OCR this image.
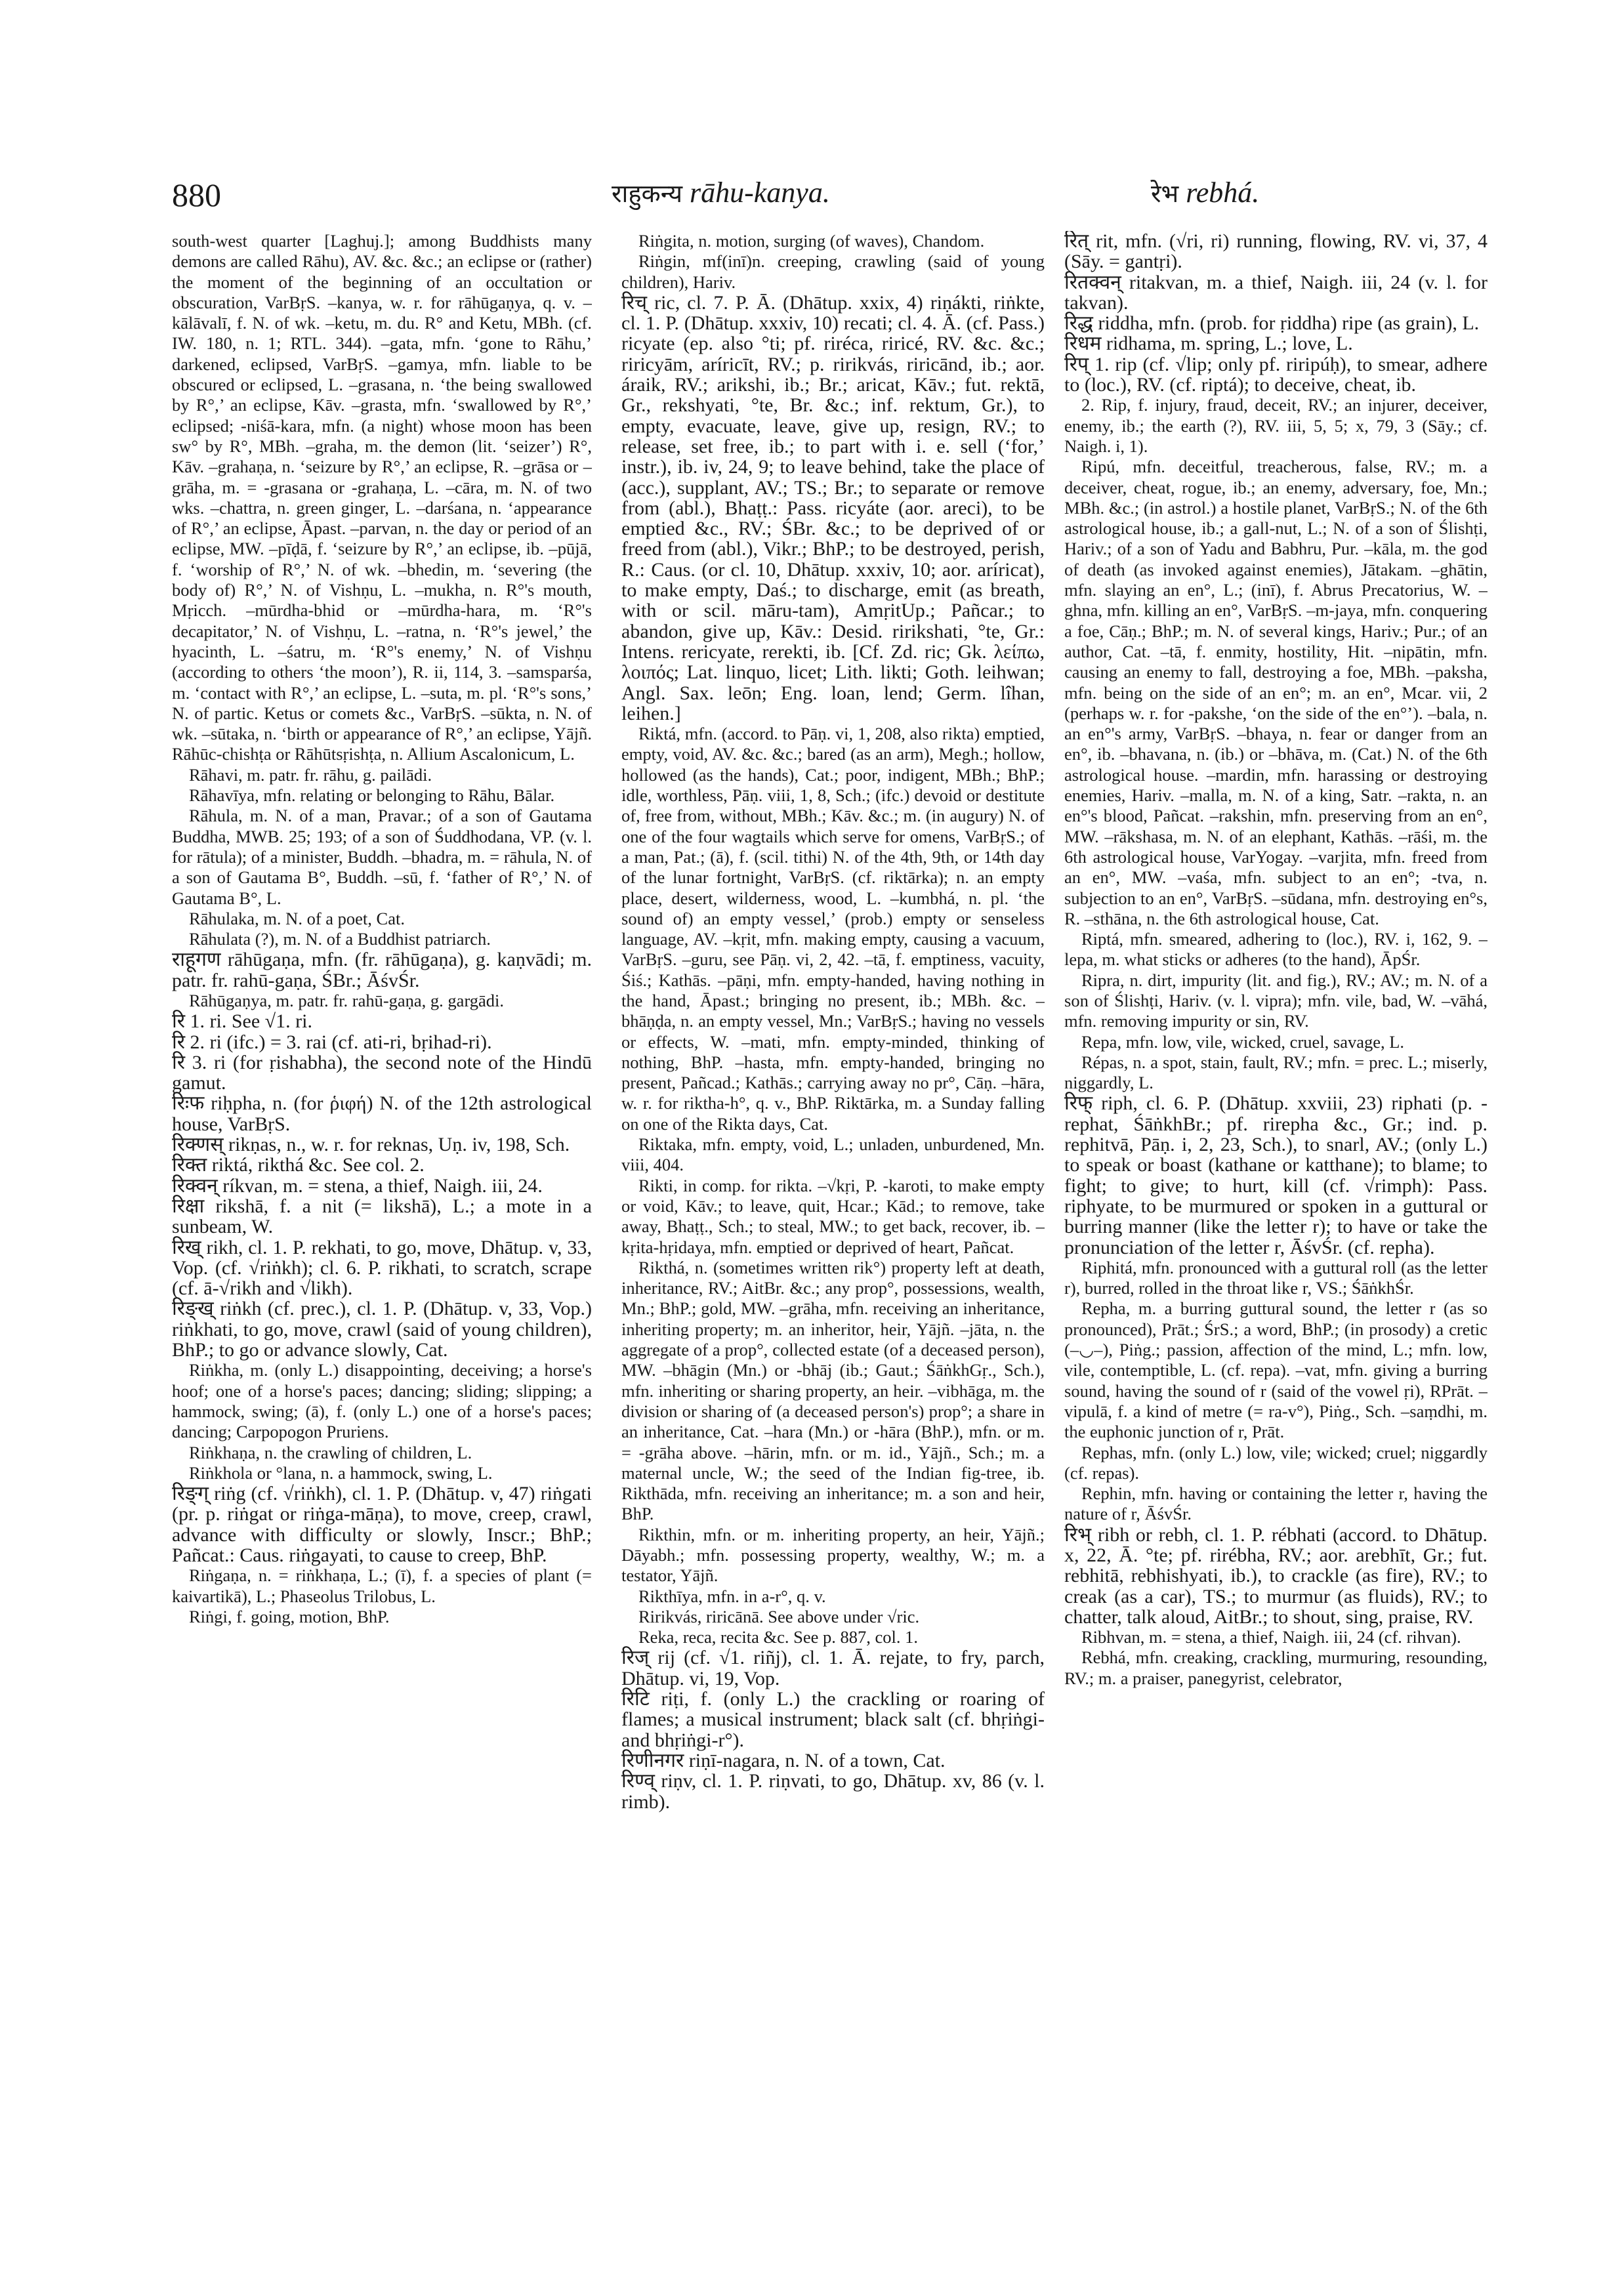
880	राहुकन्य rāhu-kanya.	रेभ rebhá.

south-west quarter [Laghuj.]; among Buddhists many demons are called Rāhu), AV. &c. &c.; an eclipse or (rather) the moment of the beginning of an occultation or obscuration, VarBṛS. –kanya, w. r. for rāhūgaṇya, q. v. –kālāvalī, f. N. of wk. –ketu, m. du. R° and Ketu, MBh. (cf. IW. 180, n. 1; RTL. 344). –gata, mfn. ‘gone to Rāhu,’ darkened, eclipsed, VarBṛS. –gamya, mfn. liable to be obscured or eclipsed, L. –grasana, n. ‘the being swallowed by R°,’ an eclipse, Kāv. –grasta, mfn. ‘swallowed by R°,’ eclipsed; -niśā-kara, mfn. (a night) whose moon has been sw° by R°, MBh. –graha, m. the demon (lit. ‘seizer’) R°, Kāv. –grahaṇa, n. ‘seizure by R°,’ an eclipse, R. –grāsa or –grāha, m. = -grasana or -grahaṇa, L. –cāra, m. N. of two wks. –chattra, n. green ginger, L. –darśana, n. ‘appearance of R°,’ an eclipse, Āpast. –parvan, n. the day or period of an eclipse, MW. –pīḍā, f. ‘seizure by R°,’ an eclipse, ib. –pūjā, f. ‘worship of R°,’ N. of wk. –bhedin, m. ‘severing (the body of) R°,’ N. of Vishṇu, L. –mukha, n. R°'s mouth, Mṛicch. –mūrdha-bhid or –mūrdha-hara, m. ‘R°'s decapitator,’ N. of Vishṇu, L. –ratna, n. ‘R°'s jewel,’ the hyacinth, L. –śatru, m. ‘R°'s enemy,’ N. of Vishṇu (according to others ‘the moon’), R. ii, 114, 3. –samsparśa, m. ‘contact with R°,’ an eclipse, L. –suta, m. pl. ‘R°'s sons,’ N. of partic. Ketus or comets &c., VarBṛS. –sūkta, n. N. of wk. –sūtaka, n. ‘birth or appearance of R°,’ an eclipse, Yājñ. Rāhūc-chishṭa or Rāhūtsṛishṭa, n. Allium Ascalonicum, L.

Rāhavi, m. patr. fr. rāhu, g. pailādi.

Rāhavīya, mfn. relating or belonging to Rāhu, Bālar.

Rāhula, m. N. of a man, Pravar.; of a son of Gautama Buddha, MWB. 25; 193; of a son of Śuddhodana, VP. (v. l. for rātula); of a minister, Buddh. –bhadra, m. = rāhula, N. of a son of Gautama B°, Buddh. –sū, f. ‘father of R°,’ N. of Gautama B°, L.

Rāhulaka, m. N. of a poet, Cat.

Rāhulata (?), m. N. of a Buddhist patriarch.

राहूगण rāhūgaṇa, mfn. (fr. rāhūgaṇa), g. kaṇvādi; m. patr. fr. rahū-gaṇa, ŚBr.; ĀśvŚr.

Rāhūgaṇya, m. patr. fr. rahū-gaṇa, g. gargādi.

रि 1. ri. See √1. ri.

रि 2. ri (ifc.) = 3. rai (cf. ati-ri, bṛihad-ri).

रि 3. ri (for ṛishabha), the second note of the Hindū gamut.

रिःफ riḥpha, n. (for ῥιφή) N. of the 12th astrological house, VarBṛS.

रिक्णस् rikṇas, n., w. r. for reknas, Uṇ. iv, 198, Sch.

रिक्त riktá, rikthá &c. See col. 2.

रिक्वन् ríkvan, m. = stena, a thief, Naigh. iii, 24.

रिक्षा rikshā, f. a nit (= likshā), L.; a mote in a sunbeam, W.

रिख् rikh, cl. 1. P. rekhati, to go, move, Dhātup. v, 33, Vop. (cf. √riṅkh); cl. 6. P. rikhati, to scratch, scrape (cf. ā-√rikh and √likh).

रिङ्ख् riṅkh (cf. prec.), cl. 1. P. (Dhātup. v, 33, Vop.) riṅkhati, to go, move, crawl (said of young children), BhP.; to go or advance slowly, Cat.

Riṅkha, m. (only L.) disappointing, deceiving; a horse's hoof; one of a horse's paces; dancing; sliding; slipping; a hammock, swing; (ā), f. (only L.) one of a horse's paces; dancing; Carpopogon Pruriens.

Riṅkhaṇa, n. the crawling of children, L.

Riṅkhola or °lana, n. a hammock, swing, L.

रिङ्ग् riṅg (cf. √riṅkh), cl. 1. P. (Dhātup. v, 47) riṅgati (pr. p. riṅgat or riṅga-māṇa), to move, creep, crawl, advance with difficulty or slowly, Inscr.; BhP.; Pañcat.: Caus. riṅgayati, to cause to creep, BhP.

Riṅgaṇa, n. = riṅkhaṇa, L.; (ī), f. a species of plant (= kaivartikā), L.; Phaseolus Trilobus, L.

Riṅgi, f. going, motion, BhP.

Riṅgita, n. motion, surging (of waves), Chandom.

Riṅgin, mf(inī)n. creeping, crawling (said of young children), Hariv.

रिच् ric, cl. 7. P. Ā. (Dhātup. xxix, 4) riṇákti, riṅkte, cl. 1. P. (Dhātup. xxxiv, 10) recati; cl. 4. Ā. (cf. Pass.) ricyate (ep. also °ti; pf. riréca, riricé, RV. &c. &c.; riricyām, aríricīt, RV.; p. ririkvás, riricānd, ib.; aor. áraik, RV.; arikshi, ib.; Br.; aricat, Kāv.; fut. rektā, Gr., rekshyati, °te, Br. &c.; inf. rektum, Gr.), to empty, evacuate, leave, give up, resign, RV.; to release, set free, ib.; to part with i. e. sell (‘for,’ instr.), ib. iv, 24, 9; to leave behind, take the place of (acc.), supplant, AV.; TS.; Br.; to separate or remove from (abl.), Bhaṭṭ.: Pass. ricyáte (aor. areci), to be emptied &c., RV.; ŚBr. &c.; to be deprived of or freed from (abl.), Vikr.; BhP.; to be destroyed, perish, R.: Caus. (or cl. 10, Dhātup. xxxiv, 10; aor. aríricat), to make empty, Daś.; to discharge, emit (as breath, with or scil. māru-tam), AmṛitUp.; Pañcar.; to abandon, give up, Kāv.: Desid. ririkshati, °te, Gr.: Intens. rericyate, rerekti, ib. [Cf. Zd. ric; Gk. λείπω, λοιπός; Lat. linquo, licet; Lith. likti; Goth. leihwan; Angl. Sax. leōn; Eng. loan, lend; Germ. lîhan, leihen.]

Riktá, mfn. (accord. to Pāṇ. vi, 1, 208, also rikta) emptied, empty, void, AV. &c. &c.; bared (as an arm), Megh.; hollow, hollowed (as the hands), Cat.; poor, indigent, MBh.; BhP.; idle, worthless, Pāṇ. viii, 1, 8, Sch.; (ifc.) devoid or destitute of, free from, without, MBh.; Kāv. &c.; m. (in augury) N. of one of the four wagtails which serve for omens, VarBṛS.; of a man, Pat.; (ā), f. (scil. tithi) N. of the 4th, 9th, or 14th day of the lunar fortnight, VarBṛS. (cf. riktārka); n. an empty place, desert, wilderness, wood, L. –kumbhá, n. pl. ‘the sound of) an empty vessel,’ (prob.) empty or senseless language, AV. –kṛit, mfn. making empty, causing a vacuum, VarBṛS. –guru, see Pāṇ. vi, 2, 42. –tā, f. emptiness, vacuity, Śiś.; Kathās. –pāṇi, mfn. empty-handed, having nothing in the hand, Āpast.; bringing no present, ib.; MBh. &c. –bhāṇḍa, n. an empty vessel, Mn.; VarBṛS.; having no vessels or effects, W. –mati, mfn. empty-minded, thinking of nothing, BhP. –hasta, mfn. empty-handed, bringing no present, Pañcad.; Kathās.; carrying away no pr°, Cāṇ. –hāra, w. r. for riktha-h°, q. v., BhP. Riktārka, m. a Sunday falling on one of the Rikta days, Cat.

Riktaka, mfn. empty, void, L.; unladen, unburdened, Mn. viii, 404.

Rikti, in comp. for rikta. –√kṛi, P. -karoti, to make empty or void, Kāv.; to leave, quit, Hcar.; Kād.; to remove, take away, Bhaṭṭ., Sch.; to steal, MW.; to get back, recover, ib. –kṛita-hṛidaya, mfn. emptied or deprived of heart, Pañcat.

Rikthá, n. (sometimes written rik°) property left at death, inheritance, RV.; AitBr. &c.; any prop°, possessions, wealth, Mn.; BhP.; gold, MW. –grāha, mfn. receiving an inheritance, inheriting property; m. an inheritor, heir, Yājñ. –jāta, n. the aggregate of a prop°, collected estate (of a deceased person), MW. –bhāgin (Mn.) or -bhāj (ib.; Gaut.; ŚāṅkhGṛ., Sch.), mfn. inheriting or sharing property, an heir. –vibhāga, m. the division or sharing of (a deceased person's) prop°; a share in an inheritance, Cat. –hara (Mn.) or -hāra (BhP.), mfn. or m. = -grāha above. –hārin, mfn. or m. id., Yājñ., Sch.; m. a maternal uncle, W.; the seed of the Indian fig-tree, ib. Rikthāda, mfn. receiving an inheritance; m. a son and heir, BhP.

Rikthin, mfn. or m. inheriting property, an heir, Yājñ.; Dāyabh.; mfn. possessing property, wealthy, W.; m. a testator, Yājñ.

Rikthīya, mfn. in a-r°, q. v.

Ririkvás, riricānā. See above under √ric.

Reka, reca, recita &c. See p. 887, col. 1.

रिज् rij (cf. √1. riñj), cl. 1. Ā. rejate, to fry, parch, Dhātup. vi, 19, Vop.

रिटि riṭi, f. (only L.) the crackling or roaring of flames; a musical instrument; black salt (cf. bhṛiṅgi- and bhṛiṅgi-r°).

रिणीनगर riṇī-nagara, n. N. of a town, Cat.

रिण्व् riṇv, cl. 1. P. riṇvati, to go, Dhātup. xv, 86 (v. l. rimb).

रित् rit, mfn. (√ri, ri) running, flowing, RV. vi, 37, 4 (Sāy. = gantṛi).

रितक्वन् ritakvan, m. a thief, Naigh. iii, 24 (v. l. for takvan).

रिद्ध riddha, mfn. (prob. for ṛiddha) ripe (as grain), L.

रिधम ridhama, m. spring, L.; love, L.

रिप् 1. rip (cf. √lip; only pf. riripúḥ), to smear, adhere to (loc.), RV. (cf. riptá); to deceive, cheat, ib.

2. Rip, f. injury, fraud, deceit, RV.; an injurer, deceiver, enemy, ib.; the earth (?), RV. iii, 5, 5; x, 79, 3 (Sāy.; cf. Naigh. i, 1).

Ripú, mfn. deceitful, treacherous, false, RV.; m. a deceiver, cheat, rogue, ib.; an enemy, adversary, foe, Mn.; MBh. &c.; (in astrol.) a hostile planet, VarBṛS.; N. of the 6th astrological house, ib.; a gall-nut, L.; N. of a son of Ślishṭi, Hariv.; of a son of Yadu and Babhru, Pur. –kāla, m. the god of death (as invoked against enemies), Jātakam. –ghātin, mfn. slaying an en°, L.; (inī), f. Abrus Precatorius, W. –ghna, mfn. killing an en°, VarBṛS. –m-jaya, mfn. conquering a foe, Cāṇ.; BhP.; m. N. of several kings, Hariv.; Pur.; of an author, Cat. –tā, f. enmity, hostility, Hit. –nipātin, mfn. causing an enemy to fall, destroying a foe, MBh. –paksha, mfn. being on the side of an en°; m. an en°, Mcar. vii, 2 (perhaps w. r. for -pakshe, ‘on the side of the en°’). –bala, n. an en°'s army, VarBṛS. –bhaya, n. fear or danger from an en°, ib. –bhavana, n. (ib.) or –bhāva, m. (Cat.) N. of the 6th astrological house. –mardin, mfn. harassing or destroying enemies, Hariv. –malla, m. N. of a king, Satr. –rakta, n. an en°'s blood, Pañcat. –rakshin, mfn. preserving from an en°, MW. –rākshasa, m. N. of an elephant, Kathās. –rāśi, m. the 6th astrological house, VarYogay. –varjita, mfn. freed from an en°, MW. –vaśa, mfn. subject to an en°; -tva, n. subjection to an en°, VarBṛS. –sūdana, mfn. destroying en°s, R. –sthāna, n. the 6th astrological house, Cat.

Riptá, mfn. smeared, adhering to (loc.), RV. i, 162, 9. –lepa, m. what sticks or adheres (to the hand), ĀpŚr.

Ripra, n. dirt, impurity (lit. and fig.), RV.; AV.; m. N. of a son of Ślishṭi, Hariv. (v. l. vipra); mfn. vile, bad, W. –vāhá, mfn. removing impurity or sin, RV.

Repa, mfn. low, vile, wicked, cruel, savage, L.

Répas, n. a spot, stain, fault, RV.; mfn. = prec. L.; miserly, niggardly, L.

रिफ् riph, cl. 6. P. (Dhātup. xxviii, 23) riphati (p. -rephat, ŚāṅkhBr.; pf. rirepha &c., Gr.; ind. p. rephitvā, Pāṇ. i, 2, 23, Sch.), to snarl, AV.; (only L.) to speak or boast (kathane or katthane); to blame; to fight; to give; to hurt, kill (cf. √rimph): Pass. riphyate, to be murmured or spoken in a guttural or burring manner (like the letter r); to have or take the pronunciation of the letter r, ĀśvŚr. (cf. repha).

Riphitá, mfn. pronounced with a guttural roll (as the letter r), burred, rolled in the throat like r, VS.; ŚāṅkhŚr.

Repha, m. a burring guttural sound, the letter r (as so pronounced), Prāt.; ŚrS.; a word, BhP.; (in prosody) a cretic (–◡–), Piṅg.; passion, affection of the mind, L.; mfn. low, vile, contemptible, L. (cf. repa). –vat, mfn. giving a burring sound, having the sound of r (said of the vowel ṛi), RPrāt. –vipulā, f. a kind of metre (= ra-v°), Piṅg., Sch. –saṃdhi, m. the euphonic junction of r, Prāt.

Rephas, mfn. (only L.) low, vile; wicked; cruel; niggardly (cf. repas).

Rephin, mfn. having or containing the letter r, having the nature of r, ĀśvŚr.

रिभ् ribh or rebh, cl. 1. P. rébhati (accord. to Dhātup. x, 22, Ā. °te; pf. rirébha, RV.; aor. arebhīt, Gr.; fut. rebhitā, rebhishyati, ib.), to crackle (as fire), RV.; to creak (as a car), TS.; to murmur (as fluids), RV.; to chatter, talk aloud, AitBr.; to shout, sing, praise, RV.

Ribhvan, m. = stena, a thief, Naigh. iii, 24 (cf. rihvan).

Rebhá, mfn. creaking, crackling, murmuring, resounding, RV.; m. a praiser, panegyrist, celebrator,
